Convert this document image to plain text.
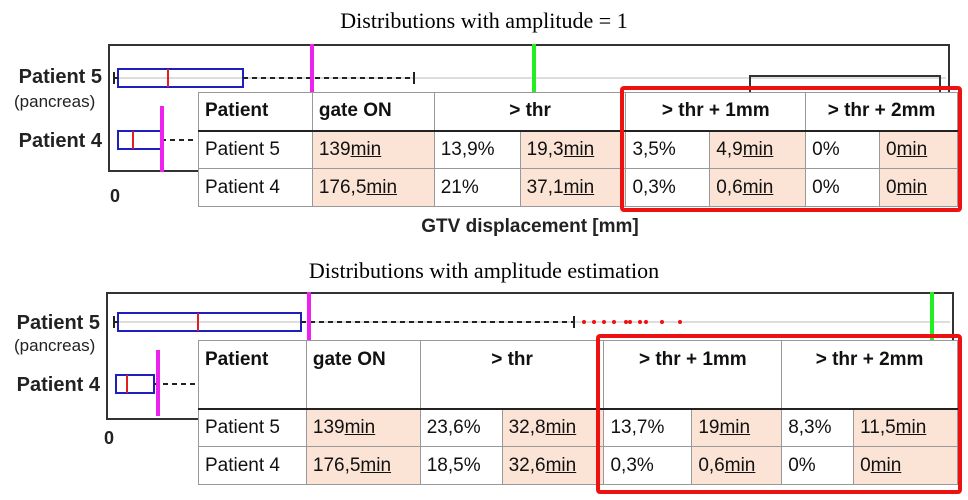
Distributions with amplitude = 1
Patient 5
(pancreas)
Patient 4
0
GTV displacement [mm]
Patient	gate ON	> thr		> thr + 1mm		> thr + 2mm	
Patient 5	139min	13,9%	19,3min	3,5%	4,9min	0%	0min
Patient 4	176,5min	21%	37,1min	0,3%	0,6min	0%	0min
Distributions with amplitude estimation
Patient 5
(pancreas)
Patient 4
0
Patient	gate ON	> thr		> thr + 1mm		> thr + 2mm	
Patient 5	139min	23,6%	32,8min	13,7%	19min	8,3%	11,5min
Patient 4	176,5min	18,5%	32,6min	0,3%	0,6min	0%	0min
